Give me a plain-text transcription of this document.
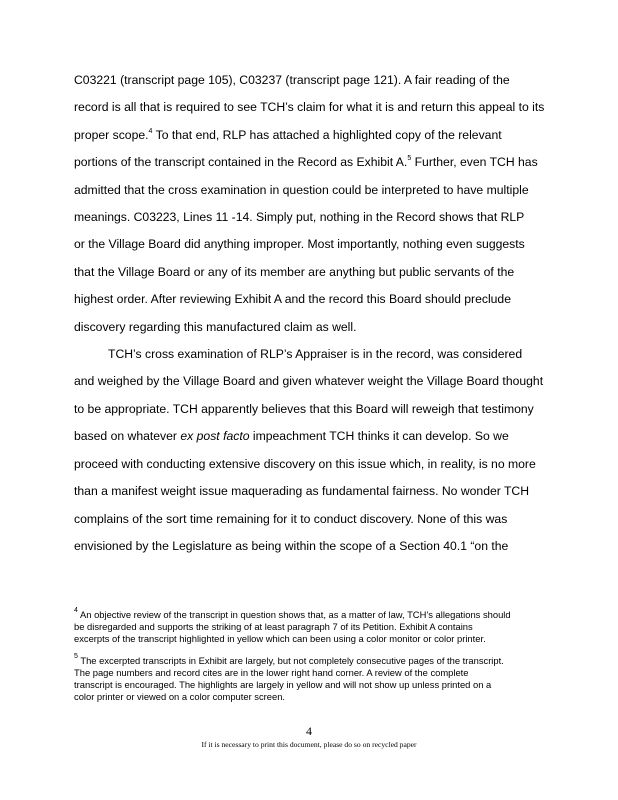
C03221 (transcript page 105), C03237 (transcript page 121). A fair reading of the
record is all that is required to see TCH’s claim for what it is and return this appeal to its
proper scope.$^4$ To that end, RLP has attached a highlighted copy of the relevant
portions of the transcript contained in the Record as Exhibit A.$^5$ Further, even TCH has
admitted that the cross examination in question could be interpreted to have multiple
meanings. C03223, Lines 11 -14. Simply put, nothing in the Record shows that RLP
or the Village Board did anything improper. Most importantly, nothing even suggests
that the Village Board or any of its member are anything but public servants of the
highest order. After reviewing Exhibit A and the record this Board should preclude
discovery regarding this manufactured claim as well.
TCH’s cross examination of RLP’s Appraiser is in the record, was considered
and weighed by the Village Board and given whatever weight the Village Board thought
to be appropriate. TCH apparently believes that this Board will reweigh that testimony
based on whatever ex post facto impeachment TCH thinks it can develop. So we
proceed with conducting extensive discovery on this issue which, in reality, is no more
than a manifest weight issue maquerading as fundamental fairness. No wonder TCH
complains of the sort time remaining for it to conduct discovery. None of this was
envisioned by the Legislature as being within the scope of a Section 40.1 “on the
$^4$ An objective review of the transcript in question shows that, as a matter of law, TCH’s allegations should
be disregarded and supports the striking of at least paragraph 7 of its Petition. Exhibit A contains
excerpts of the transcript highlighted in yellow which can been using a color monitor or color printer.
$^5$ The excerpted transcripts in Exhibit are largely, but not completely consecutive pages of the transcript.
The page numbers and record cites are in the lower right hand corner. A review of the complete
transcript is encouraged. The highlights are largely in yellow and will not show up unless printed on a
color printer or viewed on a color computer screen.
4
If it is necessary to print this document, please do so on recycled paper
